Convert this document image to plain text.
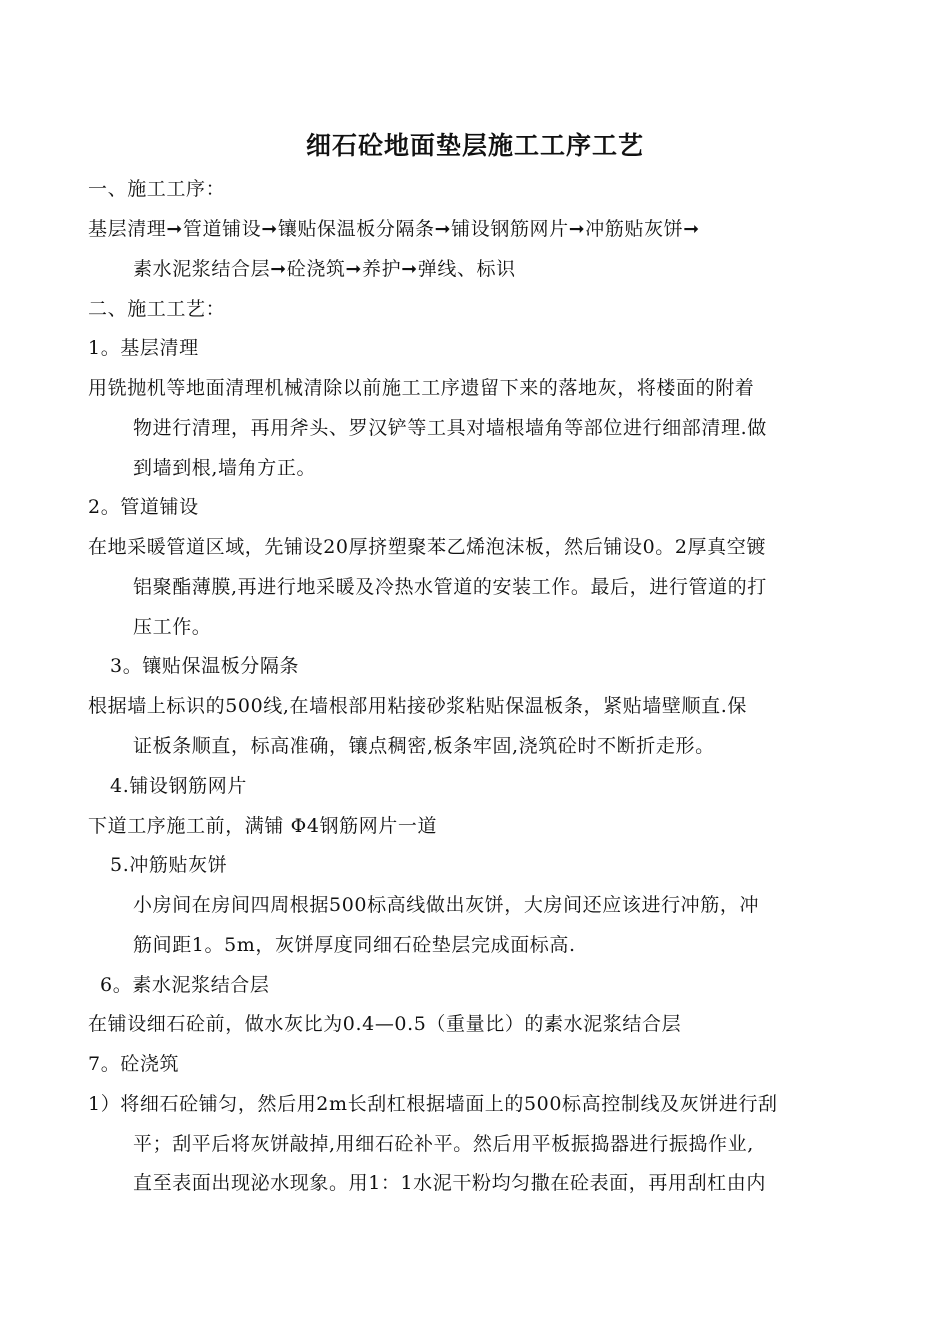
细石砼地面垫层施工工序工艺
一、施工工序：
基层清理➞管道铺设➞镶贴保温板分隔条➞铺设钢筋网片➞冲筋贴灰饼➞
素水泥浆结合层➞砼浇筑➞养护➞弹线、标识
二、施工工艺：
1。基层清理
用铣抛机等地面清理机械清除以前施工工序遗留下来的落地灰，将楼面的附着
物进行清理，再用斧头、罗汉铲等工具对墙根墙角等部位进行细部清理.做
到墙到根,墙角方正。
2。管道铺设
在地采暖管道区域，先铺设20厚挤塑聚苯乙烯泡沫板，然后铺设0。2厚真空镀
铝聚酯薄膜,再进行地采暖及冷热水管道的安装工作。最后，进行管道的打
压工作。
3。镶贴保温板分隔条
根据墙上标识的500线,在墙根部用粘接砂浆粘贴保温板条，紧贴墙壁顺直.保
证板条顺直，标高准确，镶点稠密,板条牢固,浇筑砼时不断折走形。
4.铺设钢筋网片
下道工序施工前，满铺 Φ4钢筋网片一道
5.冲筋贴灰饼
小房间在房间四周根据500标高线做出灰饼，大房间还应该进行冲筋，冲
筋间距1。5m，灰饼厚度同细石砼垫层完成面标高.
6。素水泥浆结合层
在铺设细石砼前，做水灰比为0.4—0.5（重量比）的素水泥浆结合层
7。砼浇筑
1）将细石砼铺匀，然后用2m长刮杠根据墙面上的500标高控制线及灰饼进行刮
平；刮平后将灰饼敲掉,用细石砼补平。然后用平板振捣器进行振捣作业,
直至表面出现泌水现象。用1：1水泥干粉均匀撒在砼表面，再用刮杠由内
